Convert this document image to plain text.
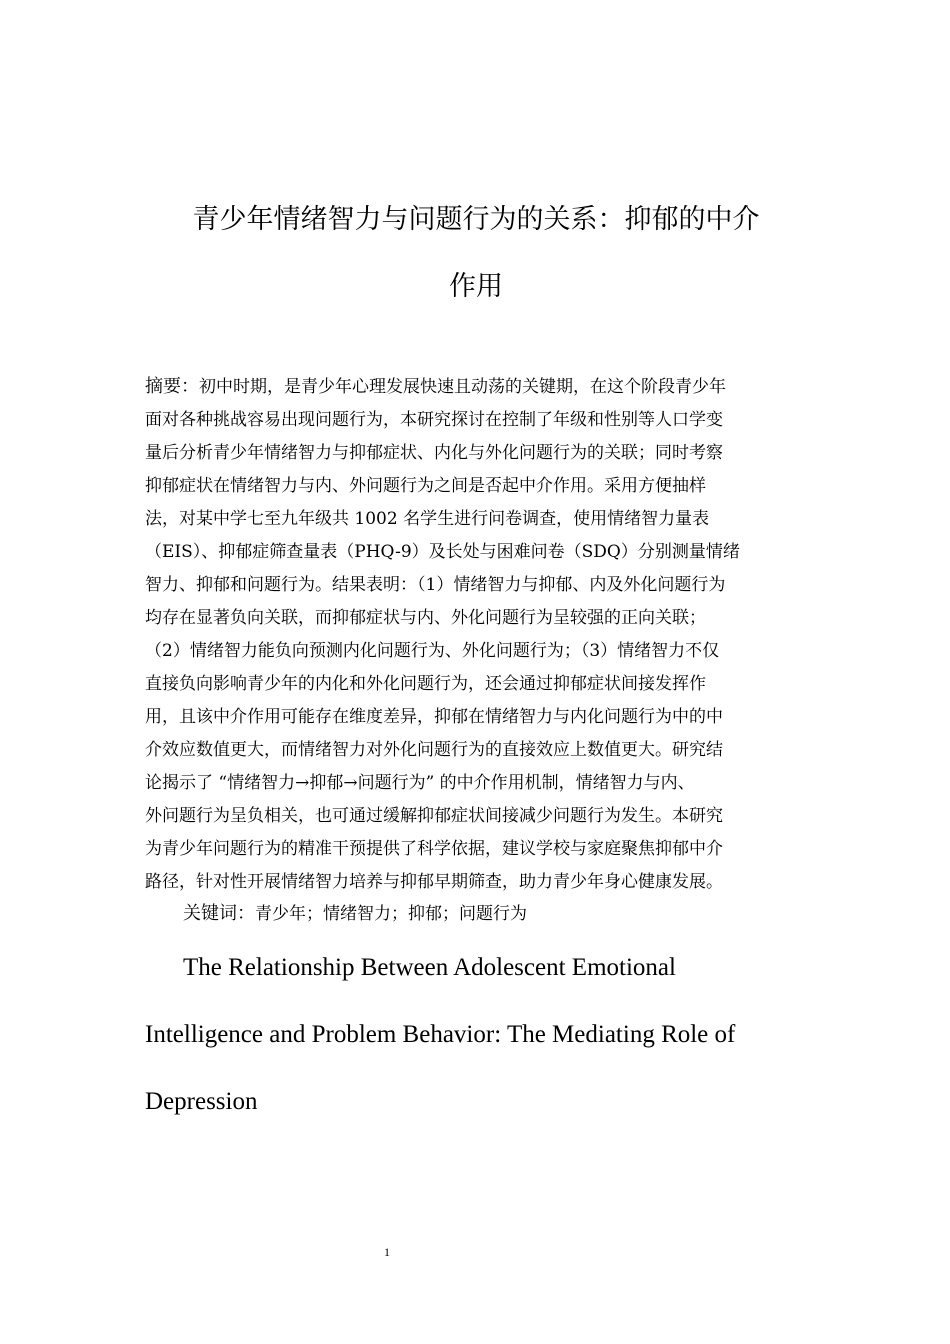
青少年情绪智力与问题行为的关系：抑郁的中介
作用
摘要：初中时期，是青少年心理发展快速且动荡的关键期，在这个阶段青少年
面对各种挑战容易出现问题行为，本研究探讨在控制了年级和性别等人口学变
量后分析青少年情绪智力与抑郁症状、内化与外化问题行为的关联；同时考察
抑郁症状在情绪智力与内、外问题行为之间是否起中介作用。采用方便抽样
法，对某中学七至九年级共 1002 名学生进行问卷调查，使用情绪智力量表
（EIS）、抑郁症筛查量表（PHQ-9）及长处与困难问卷（SDQ）分别测量情绪
智力、抑郁和问题行为。结果表明：（1）情绪智力与抑郁、内及外化问题行为
均存在显著负向关联，而抑郁症状与内、外化问题行为呈较强的正向关联；
（2）情绪智力能负向预测内化问题行为、外化问题行为；（3）情绪智力不仅
直接负向影响青少年的内化和外化问题行为，还会通过抑郁症状间接发挥作
用，且该中介作用可能存在维度差异，抑郁在情绪智力与内化问题行为中的中
介效应数值更大，而情绪智力对外化问题行为的直接效应上数值更大。研究结
论揭示了 “情绪智力→抑郁→问题行为” 的中介作用机制，情绪智力与内、
外问题行为呈负相关，也可通过缓解抑郁症状间接减少问题行为发生。本研究
为青少年问题行为的精准干预提供了科学依据，建议学校与家庭聚焦抑郁中介
路径，针对性开展情绪智力培养与抑郁早期筛查，助力青少年身心健康发展。
关键词：青少年；情绪智力；抑郁；问题行为
The Relationship Between Adolescent Emotional
Intelligence and Problem Behavior: The Mediating Role of
Depression
1
